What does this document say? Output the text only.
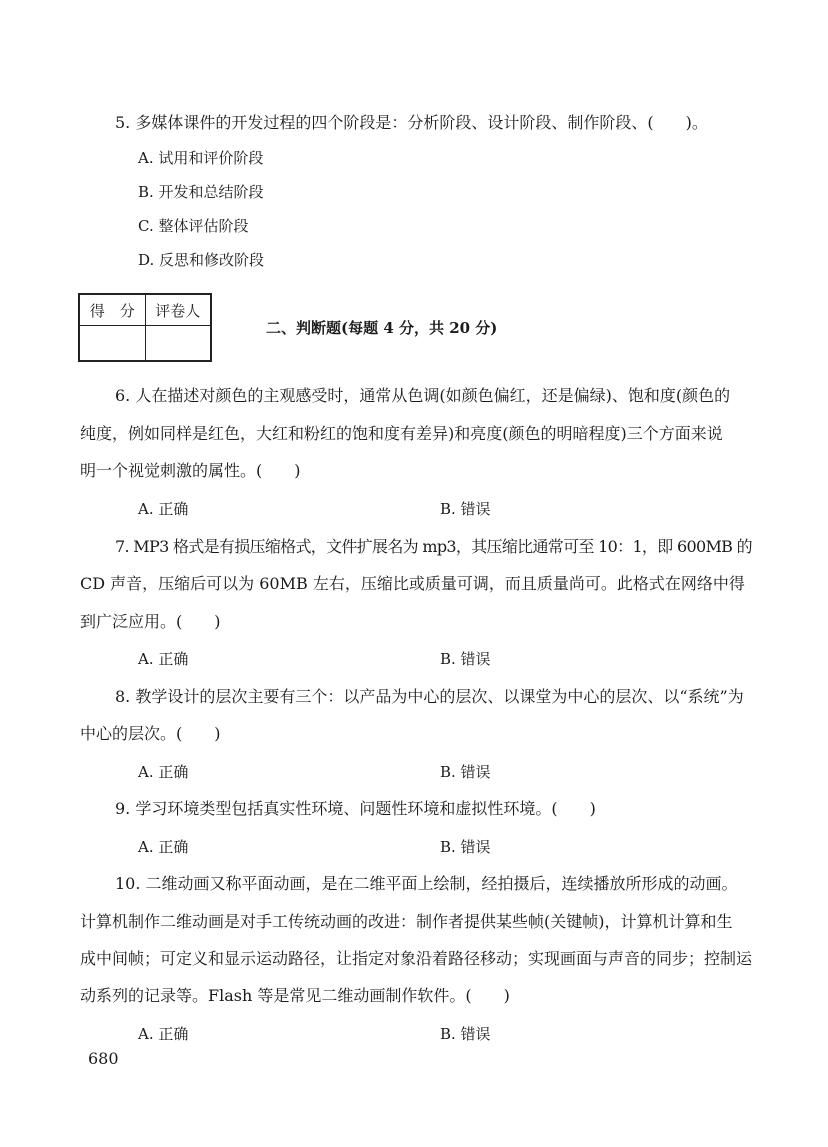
5. 多媒体课件的开发过程的四个阶段是：分析阶段、设计阶段、制作阶段、(　　)。
A. 试用和评价阶段
B. 开发和总结阶段
C. 整体评估阶段
D. 反思和修改阶段
得　分	评卷人

二、判断题(每题 4 分，共 20 分)
6. 人在描述对颜色的主观感受时，通常从色调(如颜色偏红，还是偏绿)、饱和度(颜色的
纯度，例如同样是红色，大红和粉红的饱和度有差异)和亮度(颜色的明暗程度)三个方面来说
明一个视觉刺激的属性。(　　)
A. 正确	B. 错误
7. MP3 格式是有损压缩格式，文件扩展名为 mp3，其压缩比通常可至 10：1，即 600MB 的
CD 声音，压缩后可以为 60MB 左右，压缩比或质量可调，而且质量尚可。此格式在网络中得
到广泛应用。(　　)
A. 正确	B. 错误
8. 教学设计的层次主要有三个：以产品为中心的层次、以课堂为中心的层次、以“系统”为
中心的层次。(　　)
A. 正确	B. 错误
9. 学习环境类型包括真实性环境、问题性环境和虚拟性环境。(　　)
A. 正确	B. 错误
10. 二维动画又称平面动画，是在二维平面上绘制，经拍摄后，连续播放所形成的动画。
计算机制作二维动画是对手工传统动画的改进：制作者提供某些帧(关键帧)，计算机计算和生
成中间帧；可定义和显示运动路径，让指定对象沿着路径移动；实现画面与声音的同步；控制运
动系列的记录等。Flash 等是常见二维动画制作软件。(　　)
A. 正确	B. 错误
680
